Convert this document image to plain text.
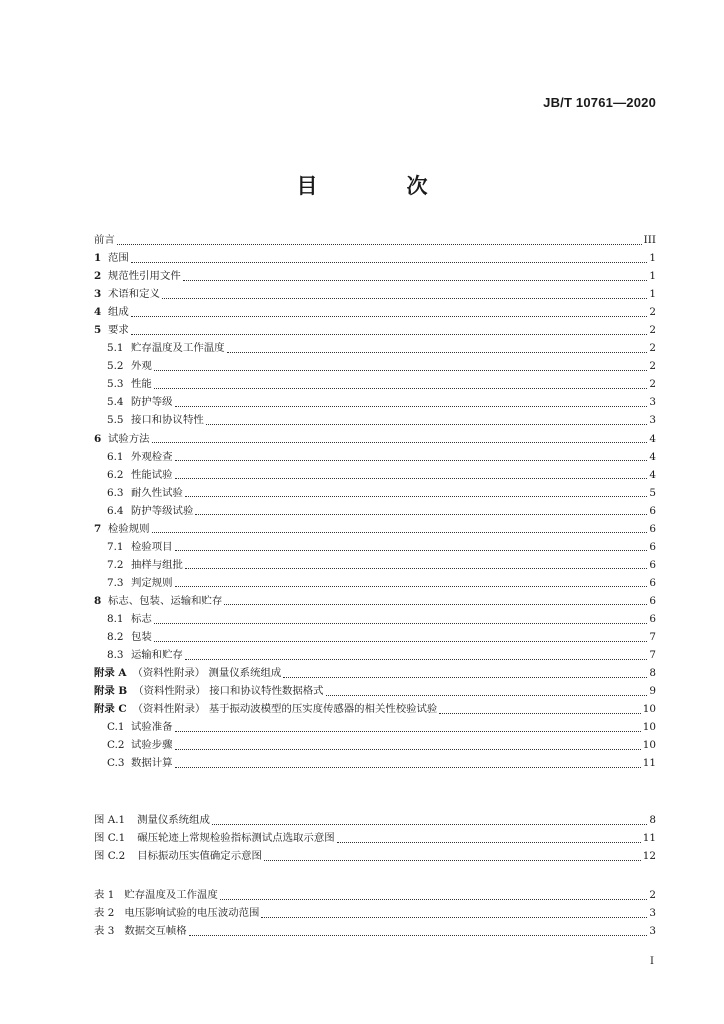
JB/T 10761—2020
目　次
前言	III
1 范围	1
2 规范性引用文件	1
3 术语和定义	1
4 组成	2
5 要求	2
5.1 贮存温度及工作温度	2
5.2 外观	2
5.3 性能	2
5.4 防护等级	3
5.5 接口和协议特性	3
6 试验方法	4
6.1 外观检查	4
6.2 性能试验	4
6.3 耐久性试验	5
6.4 防护等级试验	6
7 检验规则	6
7.1 检验项目	6
7.2 抽样与组批	6
7.3 判定规则	6
8 标志、包装、运输和贮存	6
8.1 标志	6
8.2 包装	7
8.3 运输和贮存	7
附录 A （资料性附录） 测量仪系统组成	8
附录 B （资料性附录） 接口和协议特性数据格式	9
附录 C （资料性附录） 基于振动波模型的压实度传感器的相关性校验试验	10
C.1 试验准备	10
C.2 试验步骤	10
C.3 数据计算	11
图 A.1 测量仪系统组成	8
图 C.1 碾压轮迹上常规检验指标测试点选取示意图	11
图 C.2 目标振动压实值确定示意图	12
表 1 贮存温度及工作温度	2
表 2 电压影响试验的电压波动范围	3
表 3 数据交互帧格	3
I
